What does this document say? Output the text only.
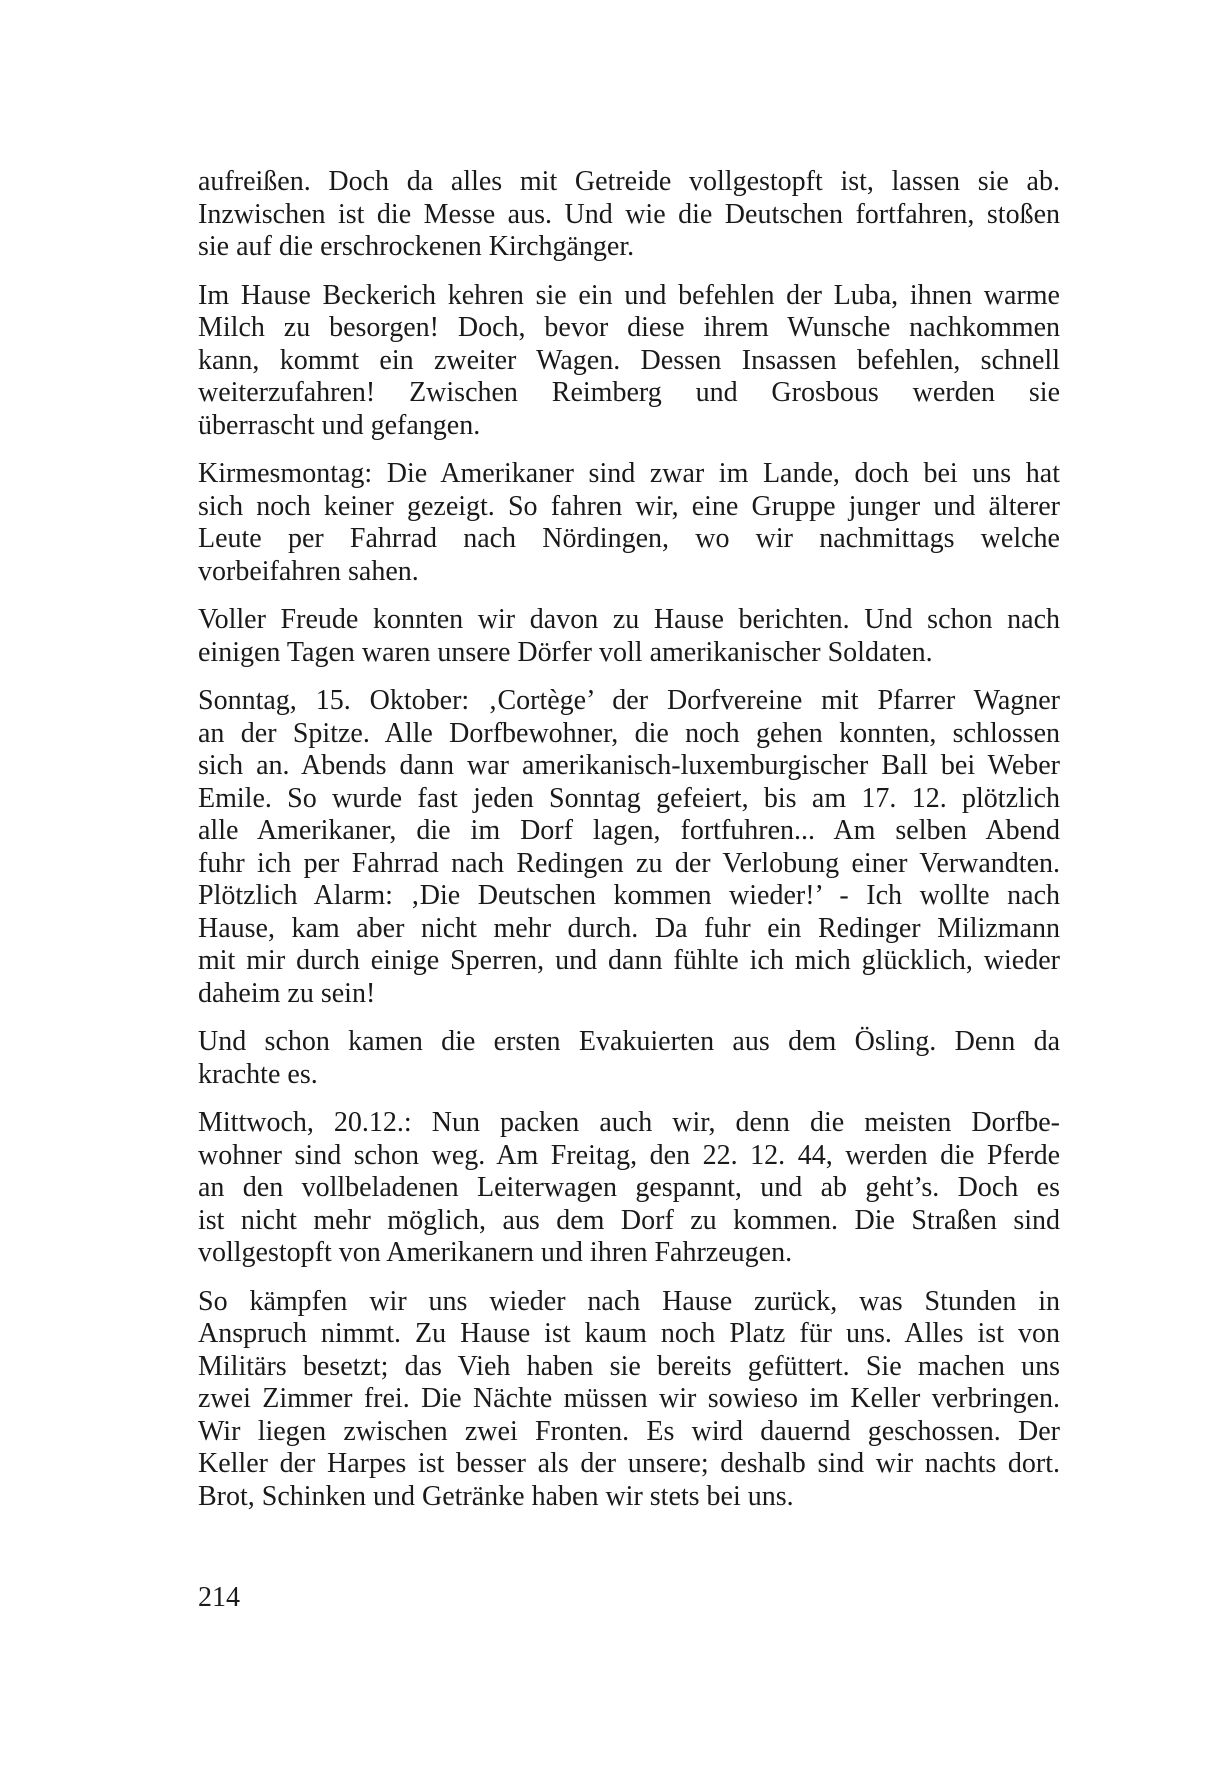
aufreißen. Doch da alles mit Getreide vollgestopft ist, lassen sie ab.
Inzwischen ist die Messe aus. Und wie die Deutschen fortfahren, stoßen
sie auf die erschrockenen Kirchgänger.
Im Hause Beckerich kehren sie ein und befehlen der Luba, ihnen warme
Milch zu besorgen! Doch, bevor diese ihrem Wunsche nachkommen
kann, kommt ein zweiter Wagen. Dessen Insassen befehlen, schnell
weiterzufahren! Zwischen Reimberg und Grosbous werden sie
überrascht und gefangen.
Kirmesmontag: Die Amerikaner sind zwar im Lande, doch bei uns hat
sich noch keiner gezeigt. So fahren wir, eine Gruppe junger und älterer
Leute per Fahrrad nach Nördingen, wo wir nachmittags welche
vorbeifahren sahen.
Voller Freude konnten wir davon zu Hause berichten. Und schon nach
einigen Tagen waren unsere Dörfer voll amerikanischer Soldaten.
Sonntag, 15. Oktober: ‚Cortège’ der Dorfvereine mit Pfarrer Wagner
an der Spitze. Alle Dorfbewohner, die noch gehen konnten, schlossen
sich an. Abends dann war amerikanisch-luxemburgischer Ball bei Weber
Emile. So wurde fast jeden Sonntag gefeiert, bis am 17. 12. plötzlich
alle Amerikaner, die im Dorf lagen, fortfuhren... Am selben Abend
fuhr ich per Fahrrad nach Redingen zu der Verlobung einer Verwandten.
Plötzlich Alarm: ‚Die Deutschen kommen wieder!’ - Ich wollte nach
Hause, kam aber nicht mehr durch. Da fuhr ein Redinger Milizmann
mit mir durch einige Sperren, und dann fühlte ich mich glücklich, wieder
daheim zu sein!
Und schon kamen die ersten Evakuierten aus dem Ösling. Denn da
krachte es.
Mittwoch, 20.12.: Nun packen auch wir, denn die meisten Dorfbe-
wohner sind schon weg. Am Freitag, den 22. 12. 44, werden die Pferde
an den vollbeladenen Leiterwagen gespannt, und ab geht’s. Doch es
ist nicht mehr möglich, aus dem Dorf zu kommen. Die Straßen sind
vollgestopft von Amerikanern und ihren Fahrzeugen.
So kämpfen wir uns wieder nach Hause zurück, was Stunden in
Anspruch nimmt. Zu Hause ist kaum noch Platz für uns. Alles ist von
Militärs besetzt; das Vieh haben sie bereits gefüttert. Sie machen uns
zwei Zimmer frei. Die Nächte müssen wir sowieso im Keller verbringen.
Wir liegen zwischen zwei Fronten. Es wird dauernd geschossen. Der
Keller der Harpes ist besser als der unsere; deshalb sind wir nachts dort.
Brot, Schinken und Getränke haben wir stets bei uns.
214
